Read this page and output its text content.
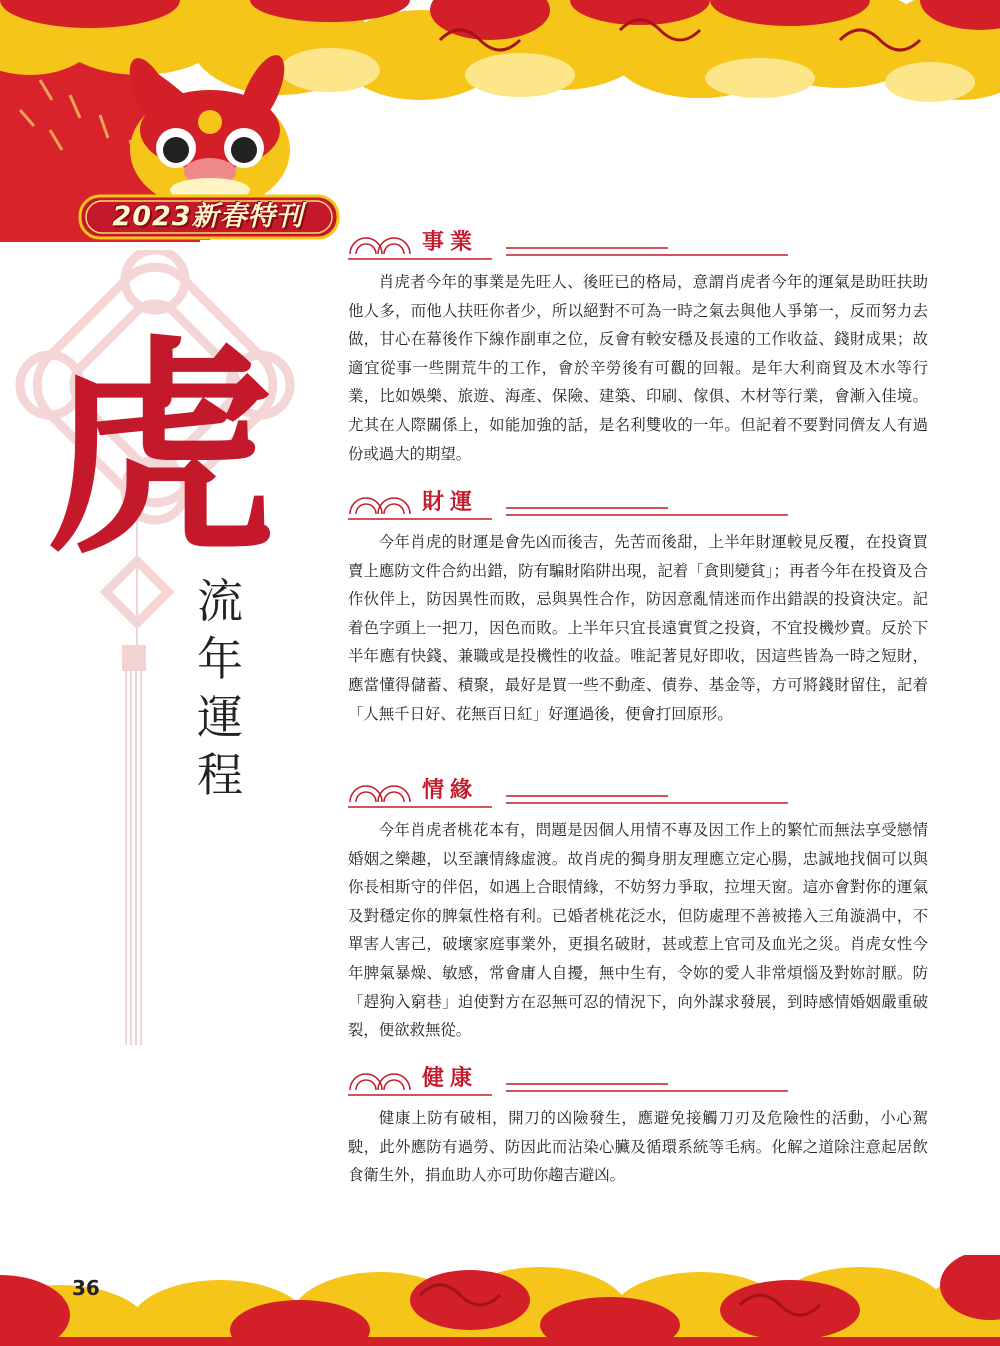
2023新春特刊
虎
流
年
運
程
事業
肖虎者今年的事業是先旺人、後旺已的格局，意謂肖虎者今年的運氣是助旺扶助他人多，而他人扶旺你者少，所以絕對不可為一時之氣去與他人爭第一，反而努力去做，甘心在幕後作下線作副車之位，反會有較安穩及長遠的工作收益、錢財成果；故適宜從事一些開荒牛的工作，會於辛勞後有可觀的回報。是年大利商貿及木水等行業，比如娛樂、旅遊、海產、保險、建築、印刷、傢俱、木材等行業，會漸入佳境。尤其在人際關係上，如能加強的話，是名利雙收的一年。但記着不要對同儕友人有過份或過大的期望。
財運
今年肖虎的財運是會先凶而後吉，先苦而後甜，上半年財運較見反覆，在投資買賣上應防文件合約出錯，防有騙財陷阱出現，記着「貪則變貧」；再者今年在投資及合作伙伴上，防因異性而敗，忌與異性合作，防因意亂情迷而作出錯誤的投資決定。記着色字頭上一把刀，因色而敗。上半年只宜長遠實質之投資，不宜投機炒賣。反於下半年應有快錢、兼職或是投機性的收益。唯記著見好即收，因這些皆為一時之短財，應當懂得儲蓄、積聚，最好是買一些不動產、債券、基金等，方可將錢財留住，記着「人無千日好、花無百日紅」好運過後，便會打回原形。
情緣
今年肖虎者桃花本有，問題是因個人用情不專及因工作上的繁忙而無法享受戀情婚姻之樂趣，以至讓情緣虛渡。故肖虎的獨身朋友理應立定心腸，忠誠地找個可以與你長相斯守的伴侶，如遇上合眼情緣，不妨努力爭取，拉埋天窗。這亦會對你的運氣及對穩定你的脾氣性格有利。已婚者桃花泛水，但防處理不善被捲入三角漩渦中，不單害人害己，破壞家庭事業外，更損名破財，甚或惹上官司及血光之災。肖虎女性今年脾氣暴燥、敏感，常會庸人自擾，無中生有，令妳的愛人非常煩惱及對妳討厭。防「趕狗入窮巷」迫使對方在忍無可忍的情況下，向外謀求發展，到時感情婚姻嚴重破裂，便欲救無從。
健康
健康上防有破相，開刀的凶險發生，應避免接觸刀刃及危險性的活動，小心駕駛，此外應防有過勞、防因此而沾染心臟及循環系統等毛病。化解之道除注意起居飲食衛生外，捐血助人亦可助你趨吉避凶。
36
